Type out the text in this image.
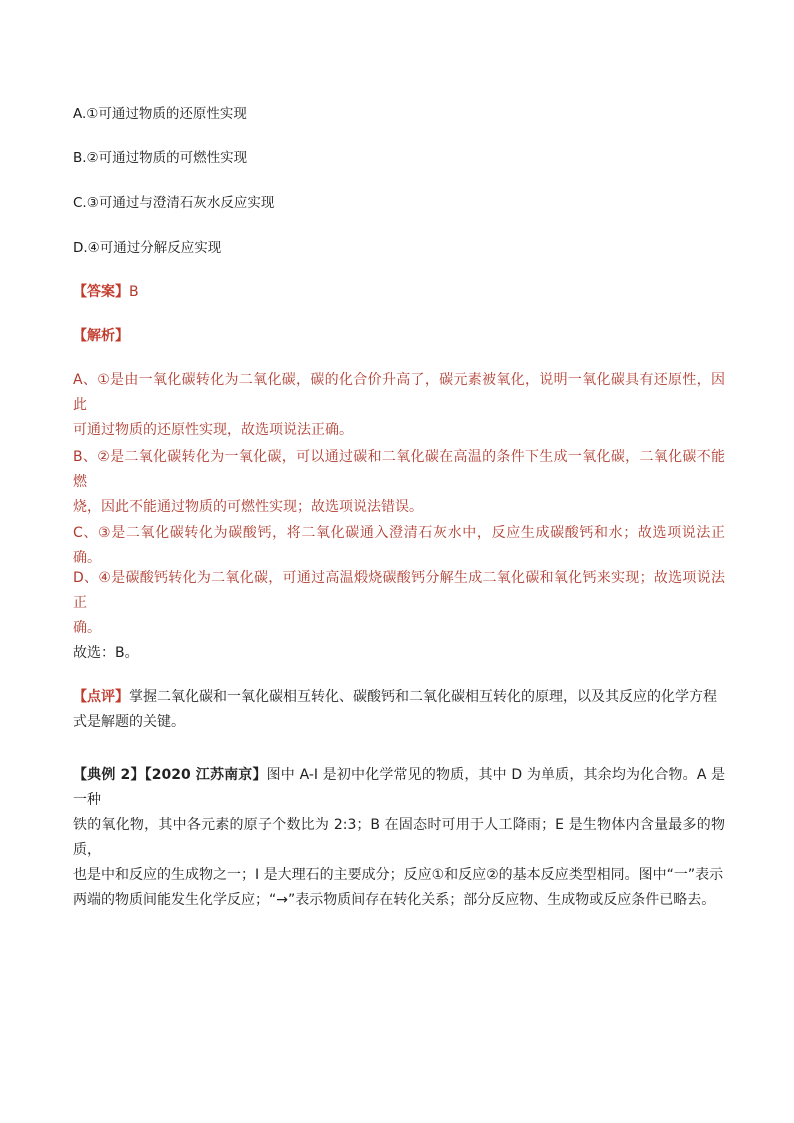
A.①可通过物质的还原性实现
B.②可通过物质的可燃性实现
C.③可通过与澄清石灰水反应实现
D.④可通过分解反应实现
【答案】B
【解析】
A、①是由一氧化碳转化为二氧化碳，碳的化合价升高了，碳元素被氧化，说明一氧化碳具有还原性，因此
可通过物质的还原性实现，故选项说法正确。
B、②是二氧化碳转化为一氧化碳，可以通过碳和二氧化碳在高温的条件下生成一氧化碳，二氧化碳不能燃
烧，因此不能通过物质的可燃性实现；故选项说法错误。
C、③是二氧化碳转化为碳酸钙，将二氧化碳通入澄清石灰水中，反应生成碳酸钙和水；故选项说法正确。
D、④是碳酸钙转化为二氧化碳，可通过高温煅烧碳酸钙分解生成二氧化碳和氧化钙来实现；故选项说法正
确。
故选：B。
【点评】掌握二氧化碳和一氧化碳相互转化、碳酸钙和二氧化碳相互转化的原理，以及其反应的化学方程
式是解题的关键。
【典例 2】【2020 江苏南京】图中 A-I 是初中化学常见的物质，其中 D 为单质，其余均为化合物。A 是一种
铁的氧化物，其中各元素的原子个数比为 2:3；B 在固态时可用于人工降雨；E 是生物体内含量最多的物质，
也是中和反应的生成物之一；I 是大理石的主要成分；反应①和反应②的基本反应类型相同。图中“一”表示
两端的物质间能发生化学反应；“→”表示物质间存在转化关系；部分反应物、生成物或反应条件已略去。
